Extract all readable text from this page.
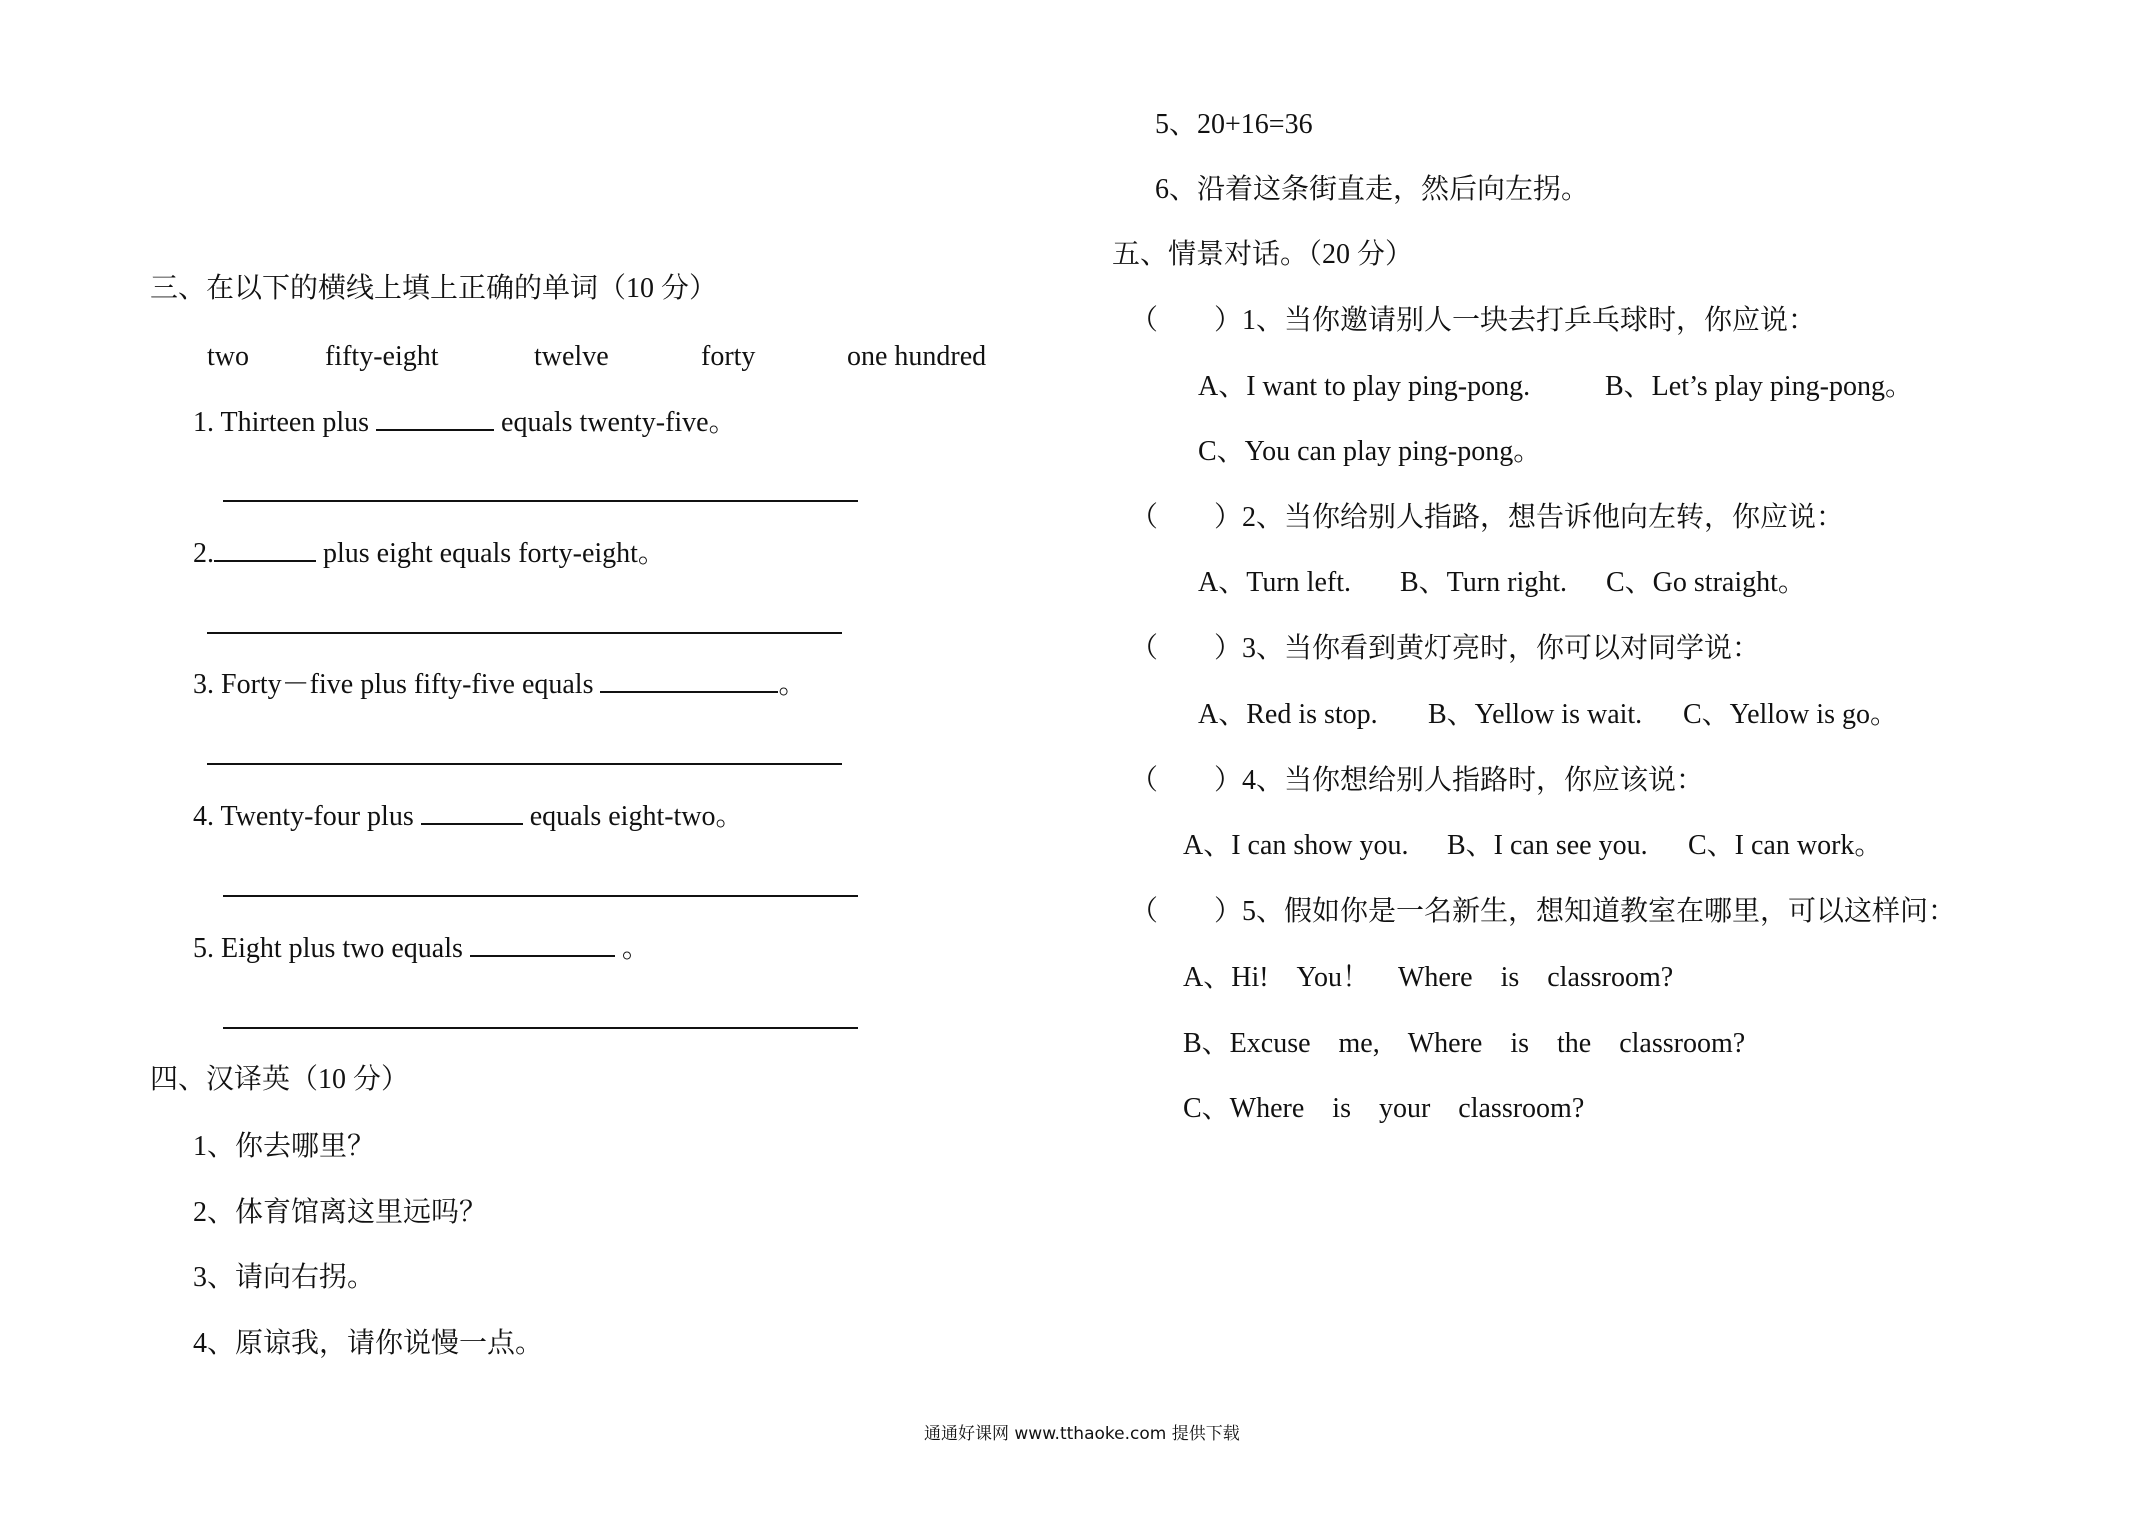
三、在以下的横线上填上正确的单词（10 分）
two	fifty-eight	twelve	forty	one hundred
1. Thirteen plus	equals twenty-five。
2.	plus eight equals forty-eight。
3. Forty－five plus fifty-five equals	。
4. Twenty-four plus	equals eight-two。
5. Eight plus two equals	。
四、汉译英（10 分）
1、你去哪里？
2、体育馆离这里远吗？
3、请向右拐。
4、原谅我，请你说慢一点。
5、20+16=36
6、沿着这条街直走，然后向左拐。
五、情景对话。（20 分）
（　　）1、当你邀请别人一块去打乒乓球时，你应说：
A、I want to play ping-pong.	B、Let’s play ping-pong。
C、You can play ping-pong。
（　　）2、当你给别人指路，想告诉他向左转，你应说：
A、Turn left. B、Turn right. C、Go straight。
（　　）3、当你看到黄灯亮时，你可以对同学说：
A、Red is stop. B、Yellow is wait. C、Yellow is go。
（　　）4、当你想给别人指路时，你应该说：
A、I can show you. B、I can see you. C、I can work。
（　　）5、假如你是一名新生，想知道教室在哪里，可以这样问：
A、Hi!　You！　Where　is　classroom?
B、Excuse　me,　Where　is　the　classroom?
C、Where　is　your　classroom?
通通好课网 www.tthaoke.com 提供下载
